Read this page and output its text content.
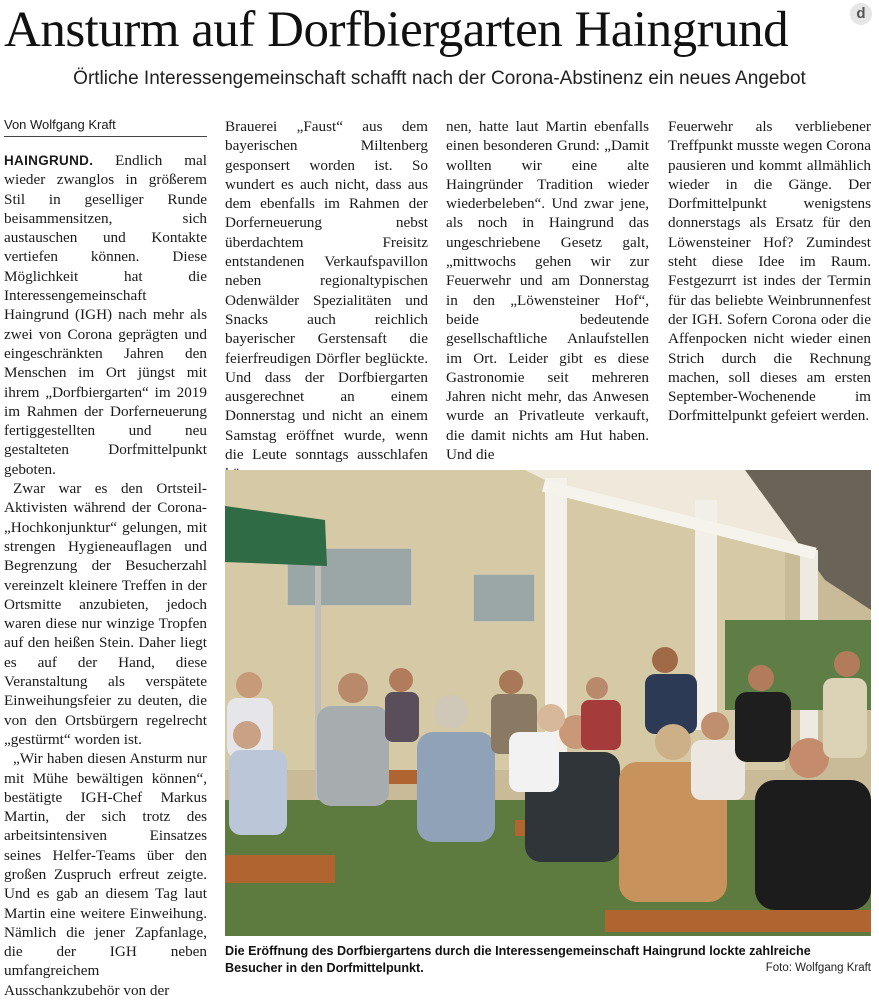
Ansturm auf Dorfbiergarten Haingrund	d
Örtliche Interessengemeinschaft schafft nach der Corona-Abstinenz ein neues Angebot
Von Wolfgang Kraft

HAINGRUND. Endlich mal wieder zwanglos in größerem Stil in geselliger Runde beisammensitzen, sich austauschen und Kontakte vertiefen können. Diese Möglichkeit hat die Interessengemeinschaft Haingrund (IGH) nach mehr als zwei von Corona geprägten und eingeschränkten Jahren den Menschen im Ort jüngst mit ihrem „Dorfbiergarten“ im 2019 im Rahmen der Dorferneuerung fertiggestellten und neu gestalteten Dorfmittelpunkt geboten.

Zwar war es den Ortsteil-Aktivisten während der Corona-„Hochkonjunktur“ gelungen, mit strengen Hygieneauflagen und Begrenzung der Besucherzahl vereinzelt kleinere Treffen in der Ortsmitte anzubieten, jedoch waren diese nur winzige Tropfen auf den heißen Stein. Daher liegt es auf der Hand, diese Veranstaltung als verspätete Einweihungsfeier zu deuten, die von den Ortsbürgern regelrecht „gestürmt“ worden ist.

„Wir haben diesen Ansturm nur mit Mühe bewältigen können“, bestätigte IGH-Chef Markus Martin, der sich trotz des arbeitsintensiven Einsatzes seines Helfer-Teams über den großen Zuspruch erfreut zeigte. Und es gab an diesem Tag laut Martin eine weitere Einweihung. Nämlich die jener Zapfanlage, die der IGH neben umfangreichem Ausschankzubehör von der

Brauerei „Faust“ aus dem bayerischen Miltenberg gesponsert worden ist. So wundert es auch nicht, dass aus dem ebenfalls im Rahmen der Dorferneuerung nebst überdachtem Freisitz entstandenen Verkaufspavillon neben regionaltypischen Odenwälder Spezialitäten und Snacks auch reichlich bayerischer Gerstensaft die feierfreudigen Dörfler beglückte. Und dass der Dorfbiergarten ausgerechnet an einem Donnerstag und nicht an einem Samstag eröffnet wurde, wenn die Leute sonntags ausschlafen

nen, hatte laut Martin ebenfalls einen besonderen Grund: „Damit wollten wir eine alte Haingründer Tradition wieder wiederbeleben“. Und zwar jene, als noch in Haingrund das ungeschriebene Gesetz galt, „mittwochs gehen wir zur Feuerwehr und am Donnerstag in den „Löwensteiner Hof“, beide bedeutende gesellschaftliche Anlaufstellen im Ort. Leider gibt es diese Gastronomie seit mehreren Jahren nicht mehr, das Anwesen wurde an Privatleute verkauft, die damit nichts am Hut haben. Und die

Feuerwehr als verbliebener Treffpunkt musste wegen Corona pausieren und kommt allmählich wieder in die Gänge. Der Dorfmittelpunkt wenigstens donnerstags als Ersatz für den Löwensteiner Hof? Zumindest steht diese Idee im Raum. Festgezurrt ist indes der Termin für das beliebte Weinbrunnenfest der IGH. Sofern Corona oder die Affenpocken nicht wieder einen Strich durch die Rechnung machen, soll dieses am ersten September-Wochenende im Dorfmittelpunkt gefeiert werden.

Die Eröffnung des Dorfbiergartens durch die Interessengemeinschaft Haingrund lockte zahlreiche Besucher in den Dorfmittelpunkt.	Foto: Wolfgang Kraft
